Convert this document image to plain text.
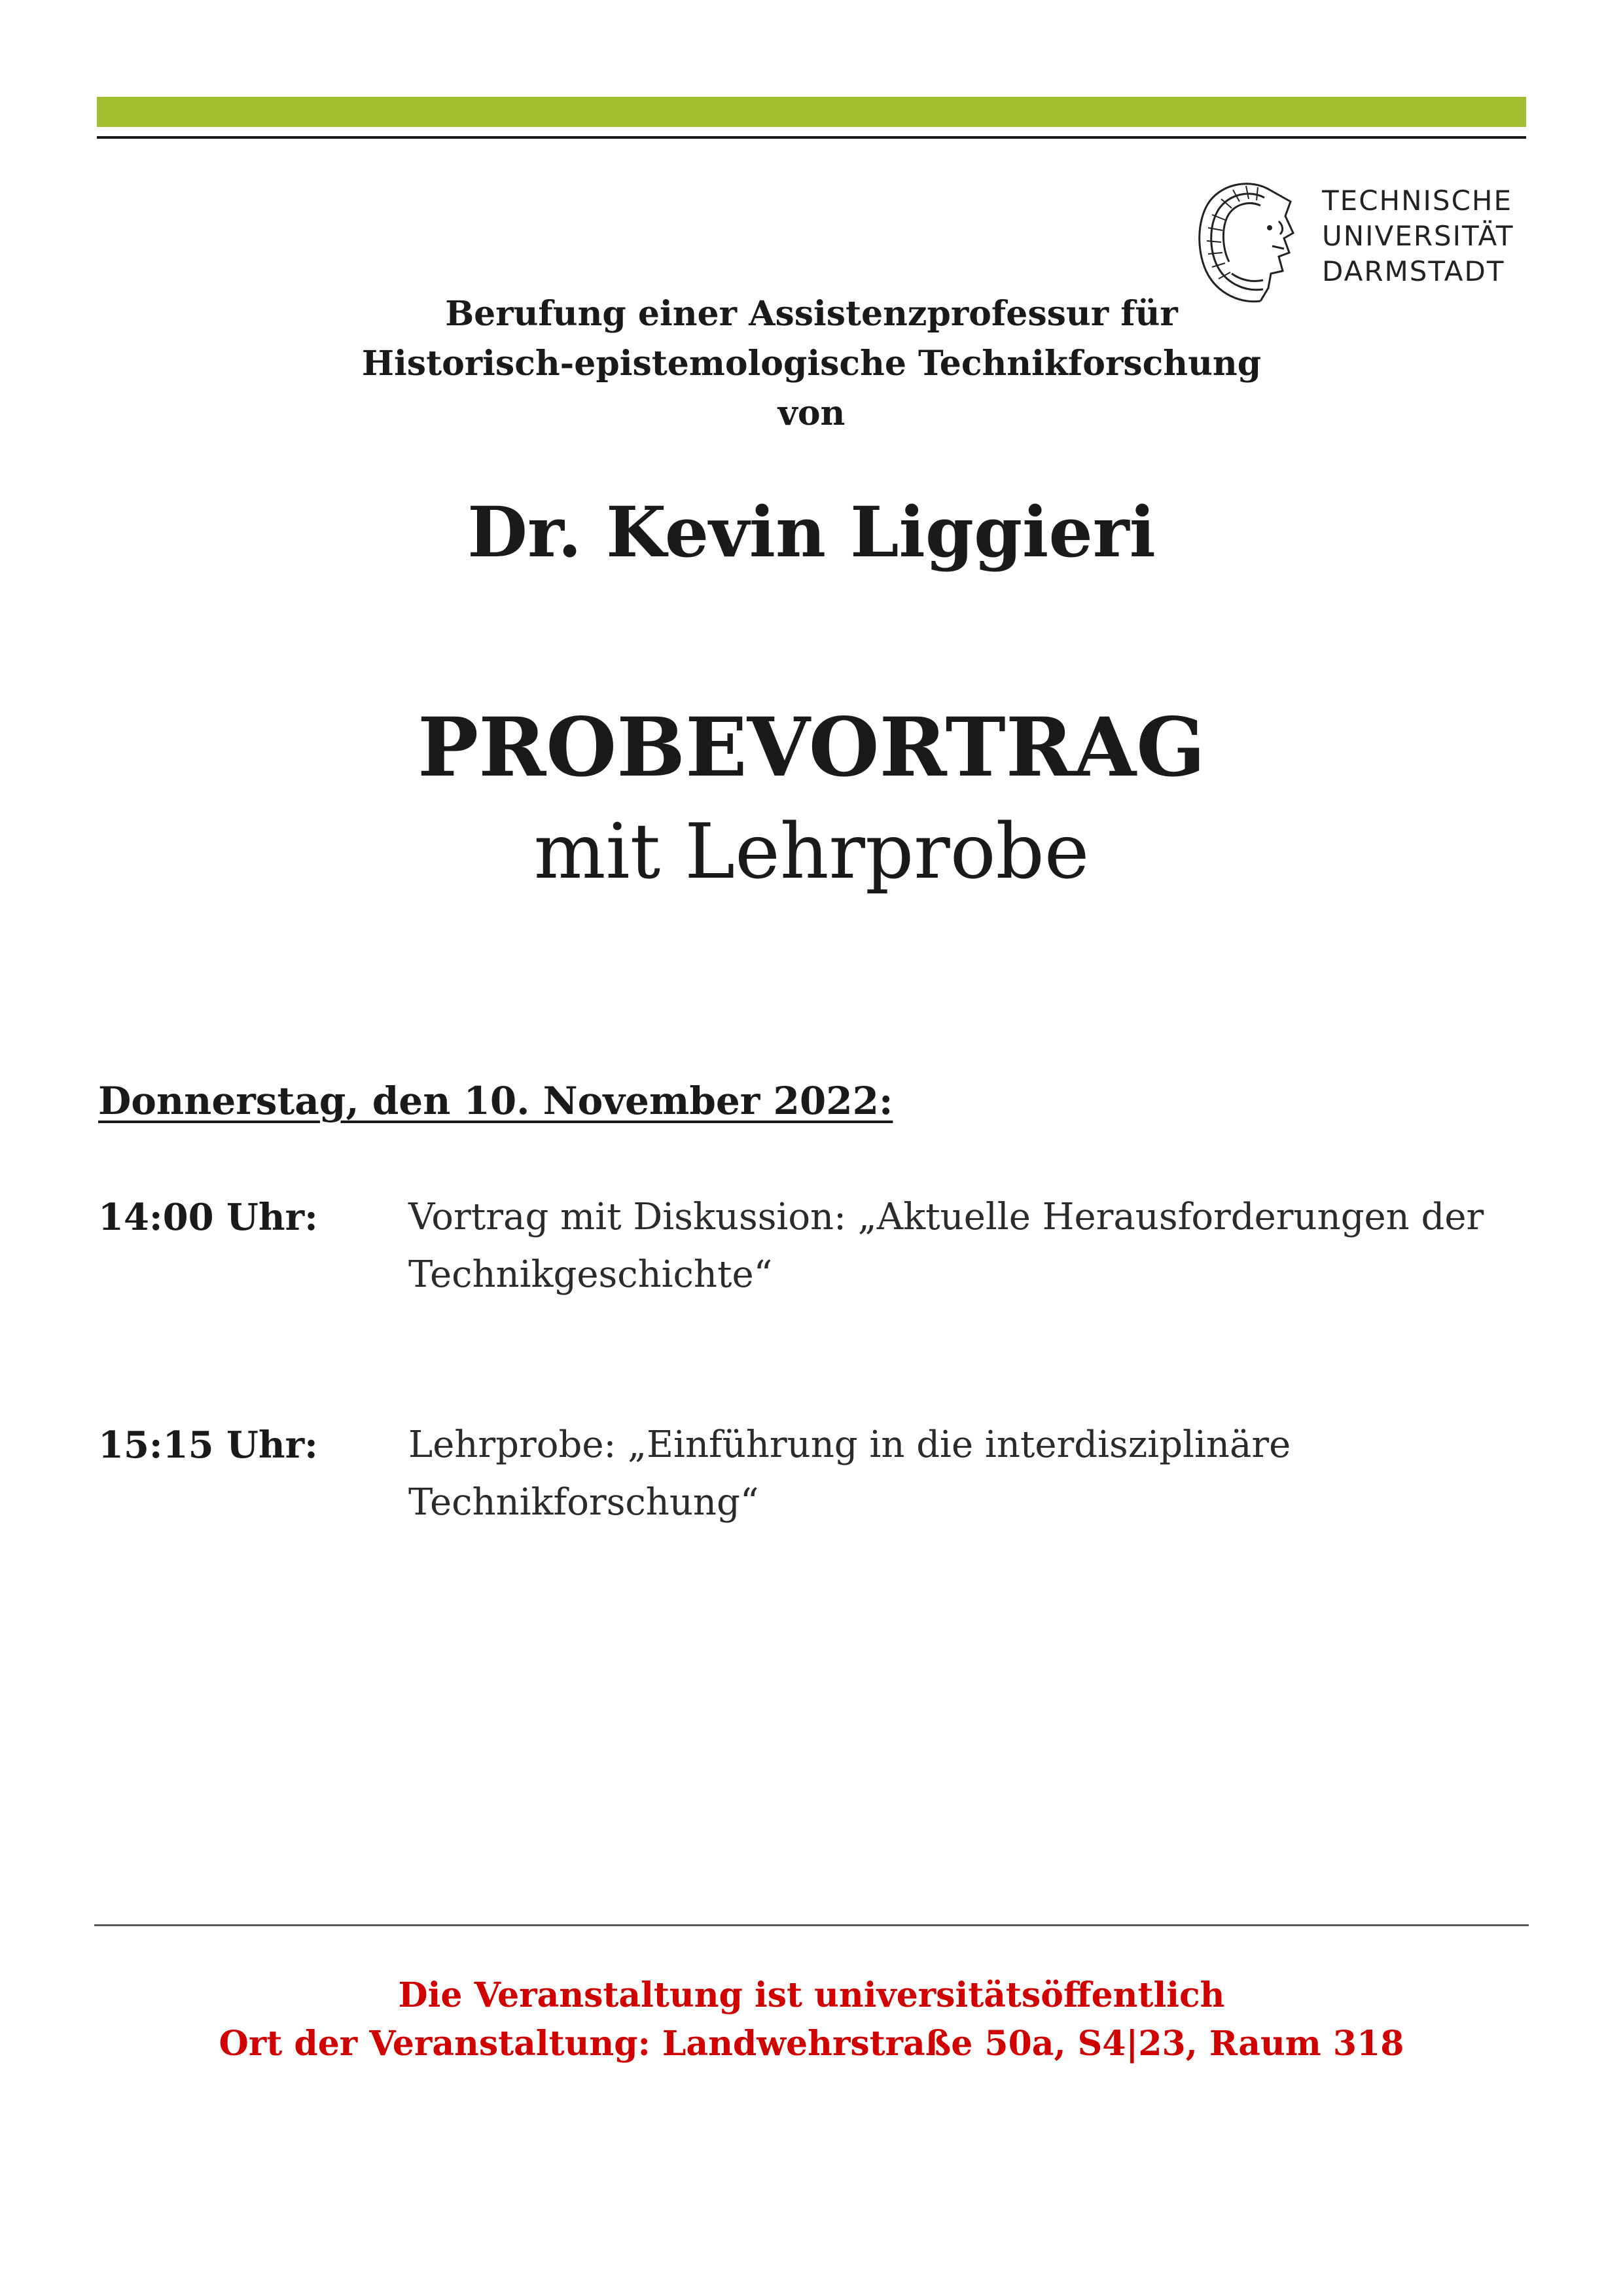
TECHNISCHE
UNIVERSITÄT
DARMSTADT
Berufung einer Assistenzprofessur für
Historisch-epistemologische Technikforschung
von
Dr. Kevin Liggieri
PROBEVORTRAG
mit Lehrprobe
Donnerstag, den 10. November 2022:
14:00 Uhr: Vortrag mit Diskussion: „Aktuelle Herausforderungen der Technikgeschichte“
15:15 Uhr: Lehrprobe: „Einführung in die interdisziplinäre Technikforschung“
Die Veranstaltung ist universitätsöffentlich
Ort der Veranstaltung: Landwehrstraße 50a, S4|23, Raum 318
